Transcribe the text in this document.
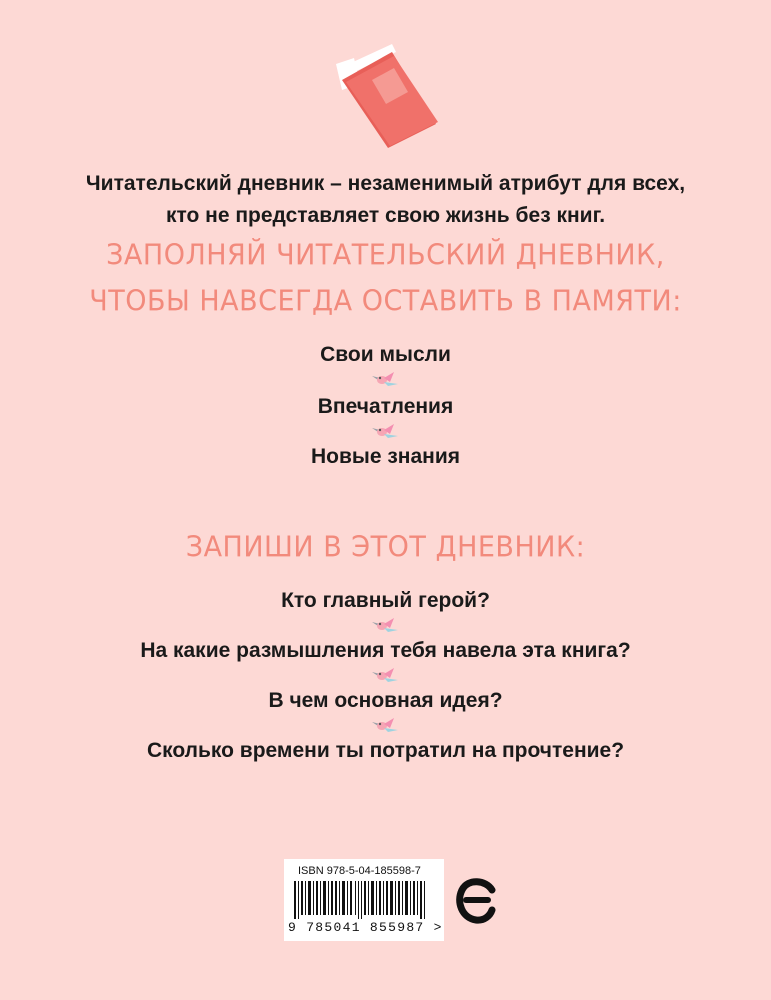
Читательский дневник – незаменимый атрибут для всех,
кто не представляет свою жизнь без книг.
ЗАПОЛНЯЙ ЧИТАТЕЛЬСКИЙ ДНЕВНИК,
ЧТОБЫ НАВСЕГДА ОСТАВИТЬ В ПАМЯТИ:
Свои мысли
Впечатления
Новые знания
ЗАПИШИ В ЭТОТ ДНЕВНИК:
Кто главный герой?
На какие размышления тебя навела эта книга?
В чем основная идея?
Сколько времени ты потратил на прочтение?
ISBN 978-5-04-185598-7
9 785041 855987 >
